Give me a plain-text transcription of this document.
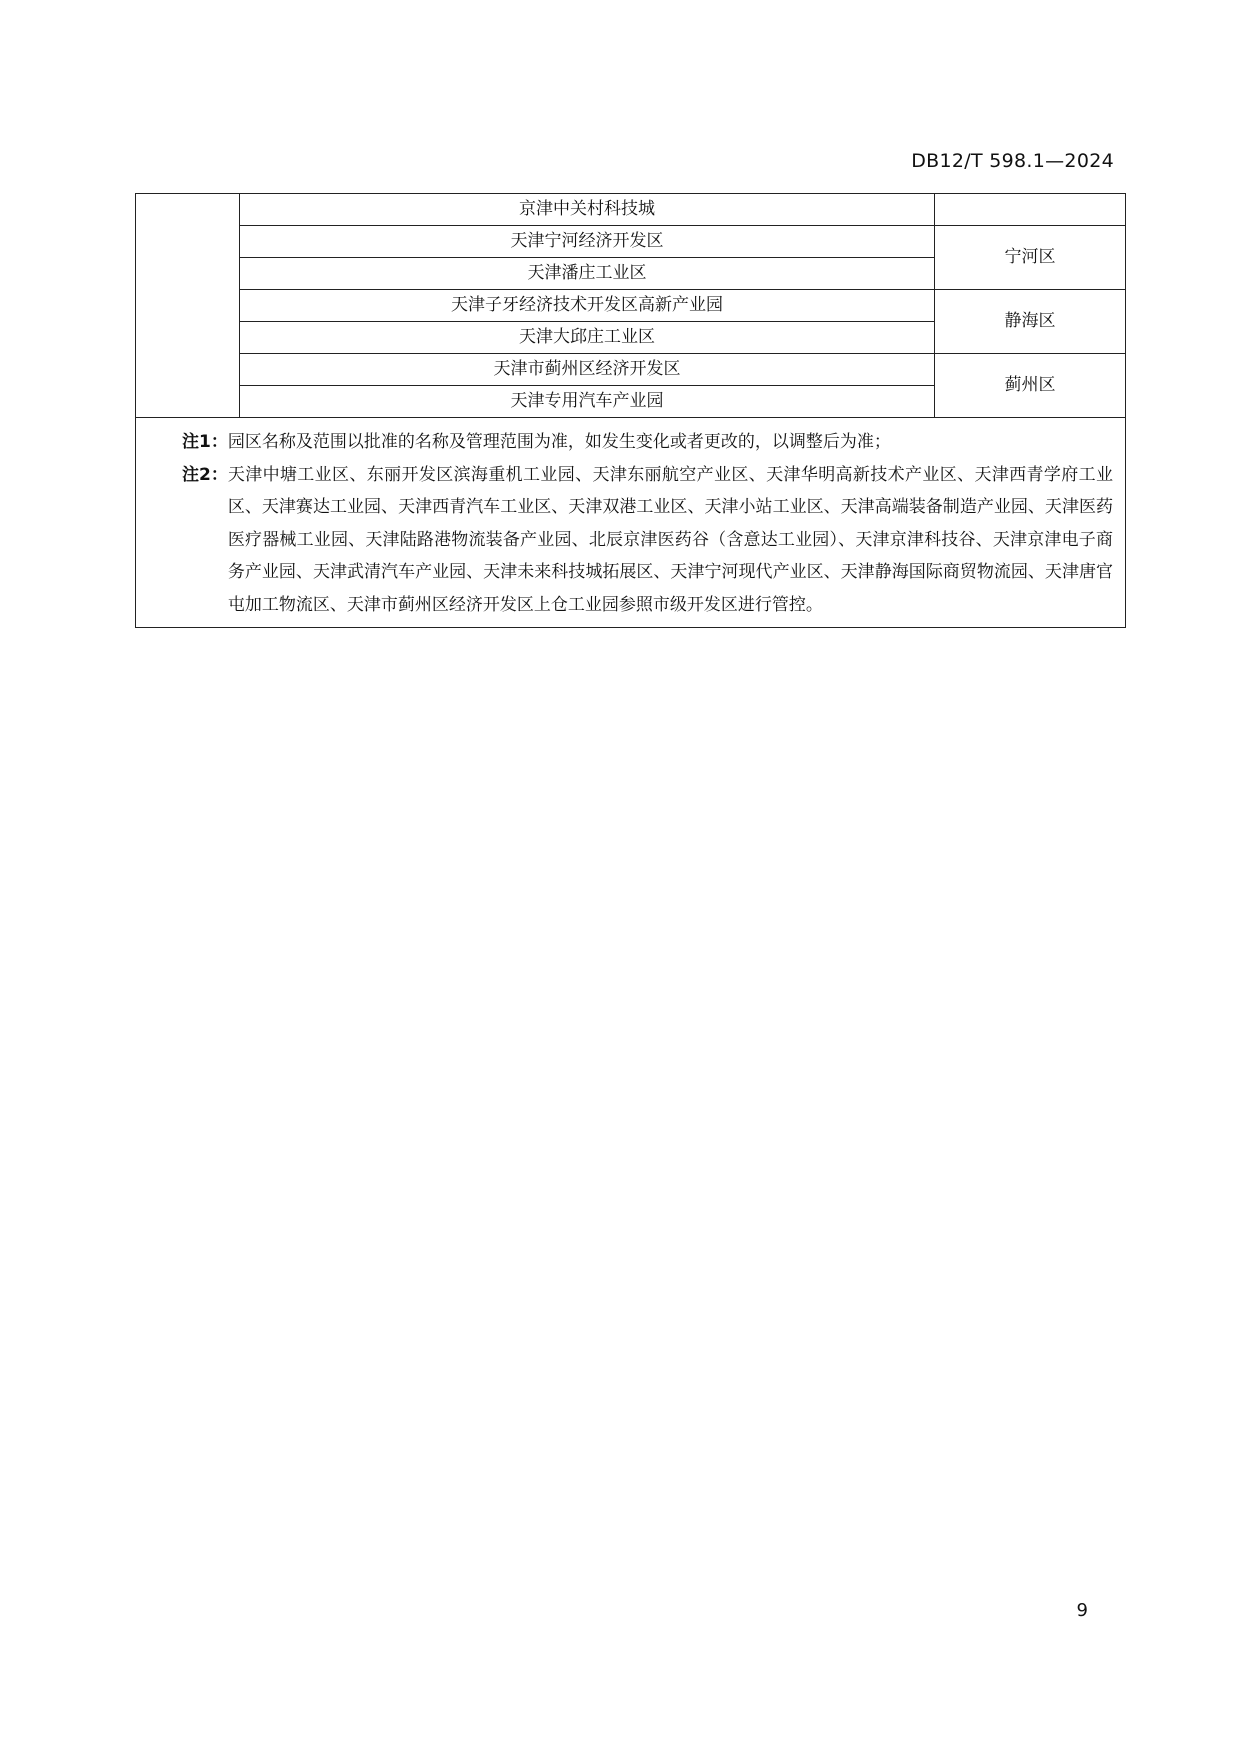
DB12/T 598.1—2024
	京津中关村科技城	
	天津宁河经济开发区	宁河区
	天津潘庄工业区	
	天津子牙经济技术开发区高新产业园	静海区
	天津大邱庄工业区	
	天津市蓟州区经济开发区	蓟州区
	天津专用汽车产业园	

注1： 园区名称及范围以批准的名称及管理范围为准，如发生变化或者更改的，以调整后为准；
注2： 天津中塘工业区、东丽开发区滨海重机工业园、天津东丽航空产业区、天津华明高新技术产业区、天津西青学府工业区、天津赛达工业园、天津西青汽车工业区、天津双港工业区、天津小站工业区、天津高端装备制造产业园、天津医药医疗器械工业园、天津陆路港物流装备产业园、北辰京津医药谷（含意达工业园）、天津京津科技谷、天津京津电子商务产业园、天津武清汽车产业园、天津未来科技城拓展区、天津宁河现代产业区、天津静海国际商贸物流园、天津唐官屯加工物流区、天津市蓟州区经济开发区上仓工业园参照市级开发区进行管控。		
9
